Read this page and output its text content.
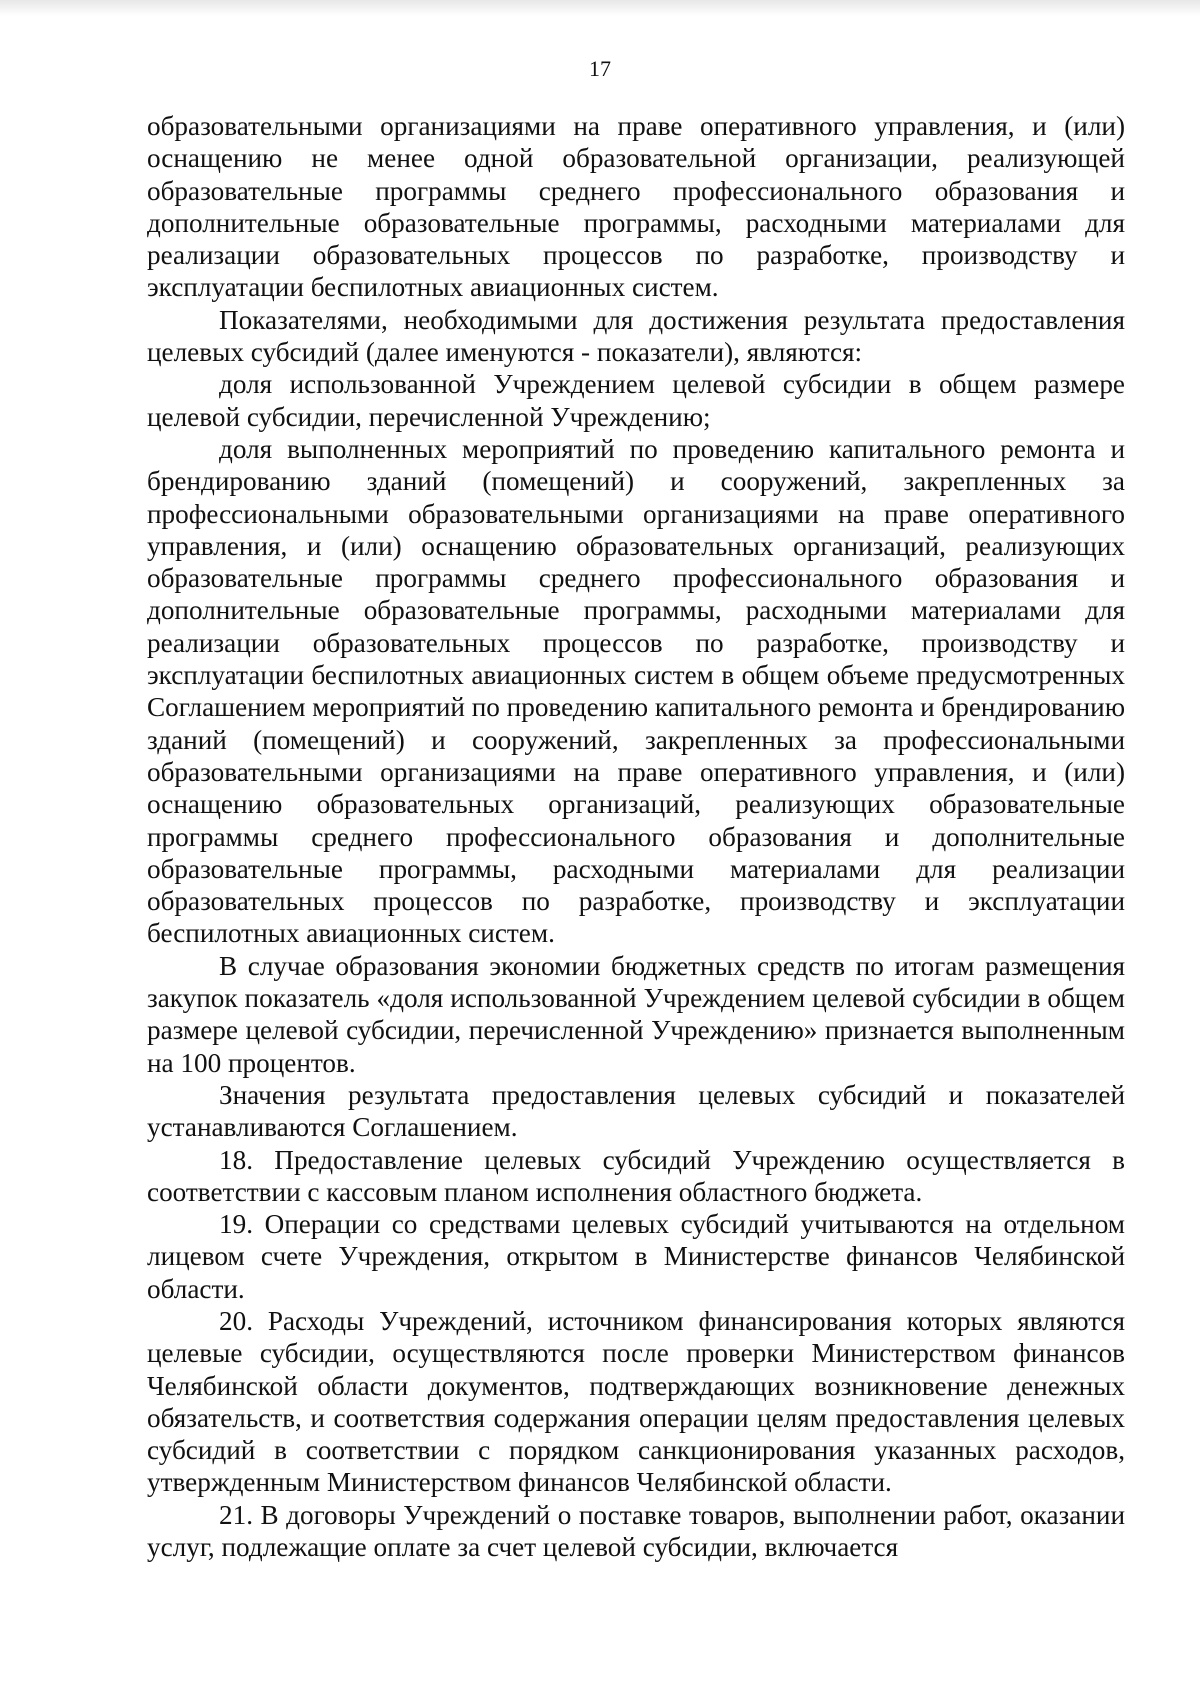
17

образовательными организациями на праве оперативного управления, и (или) оснащению не менее одной образовательной организации, реализующей образовательные программы среднего профессионального образования и дополнительные образовательные программы, расходными материалами для реализации образовательных процессов по разработке, производству и эксплуатации беспилотных авиационных систем.

Показателями, необходимыми для достижения результата предоставления целевых субсидий (далее именуются - показатели), являются:

доля использованной Учреждением целевой субсидии в общем размере целевой субсидии, перечисленной Учреждению;

доля выполненных мероприятий по проведению капитального ремонта и брендированию зданий (помещений) и сооружений, закрепленных за профессиональными образовательными организациями на праве оперативного управления, и (или) оснащению образовательных организаций, реализующих образовательные программы среднего профессионального образования и дополнительные образовательные программы, расходными материалами для реализации образовательных процессов по разработке, производству и эксплуатации беспилотных авиационных систем в общем объеме предусмотренных Соглашением мероприятий по проведению капитального ремонта и брендированию зданий (помещений) и сооружений, закрепленных за профессиональными образовательными организациями на праве оперативного управления, и (или) оснащению образовательных организаций, реализующих образовательные программы среднего профессионального образования и дополнительные образовательные программы, расходными материалами для реализации образовательных процессов по разработке, производству и эксплуатации беспилотных авиационных систем.

В случае образования экономии бюджетных средств по итогам размещения закупок показатель «доля использованной Учреждением целевой субсидии в общем размере целевой субсидии, перечисленной Учреждению» признается выполненным на 100 процентов.

Значения результата предоставления целевых субсидий и показателей устанавливаются Соглашением.

18. Предоставление целевых субсидий Учреждению осуществляется в соответствии с кассовым планом исполнения областного бюджета.

19. Операции со средствами целевых субсидий учитываются на отдельном лицевом счете Учреждения, открытом в Министерстве финансов Челябинской области.

20. Расходы Учреждений, источником финансирования которых являются целевые субсидии, осуществляются после проверки Министерством финансов Челябинской области документов, подтверждающих возникновение денежных обязательств, и соответствия содержания операции целям предоставления целевых субсидий в соответствии с порядком санкционирования указанных расходов, утвержденным Министерством финансов Челябинской области.

21. В договоры Учреждений о поставке товаров, выполнении работ, оказании услуг, подлежащие оплате за счет целевой субсидии, включается
